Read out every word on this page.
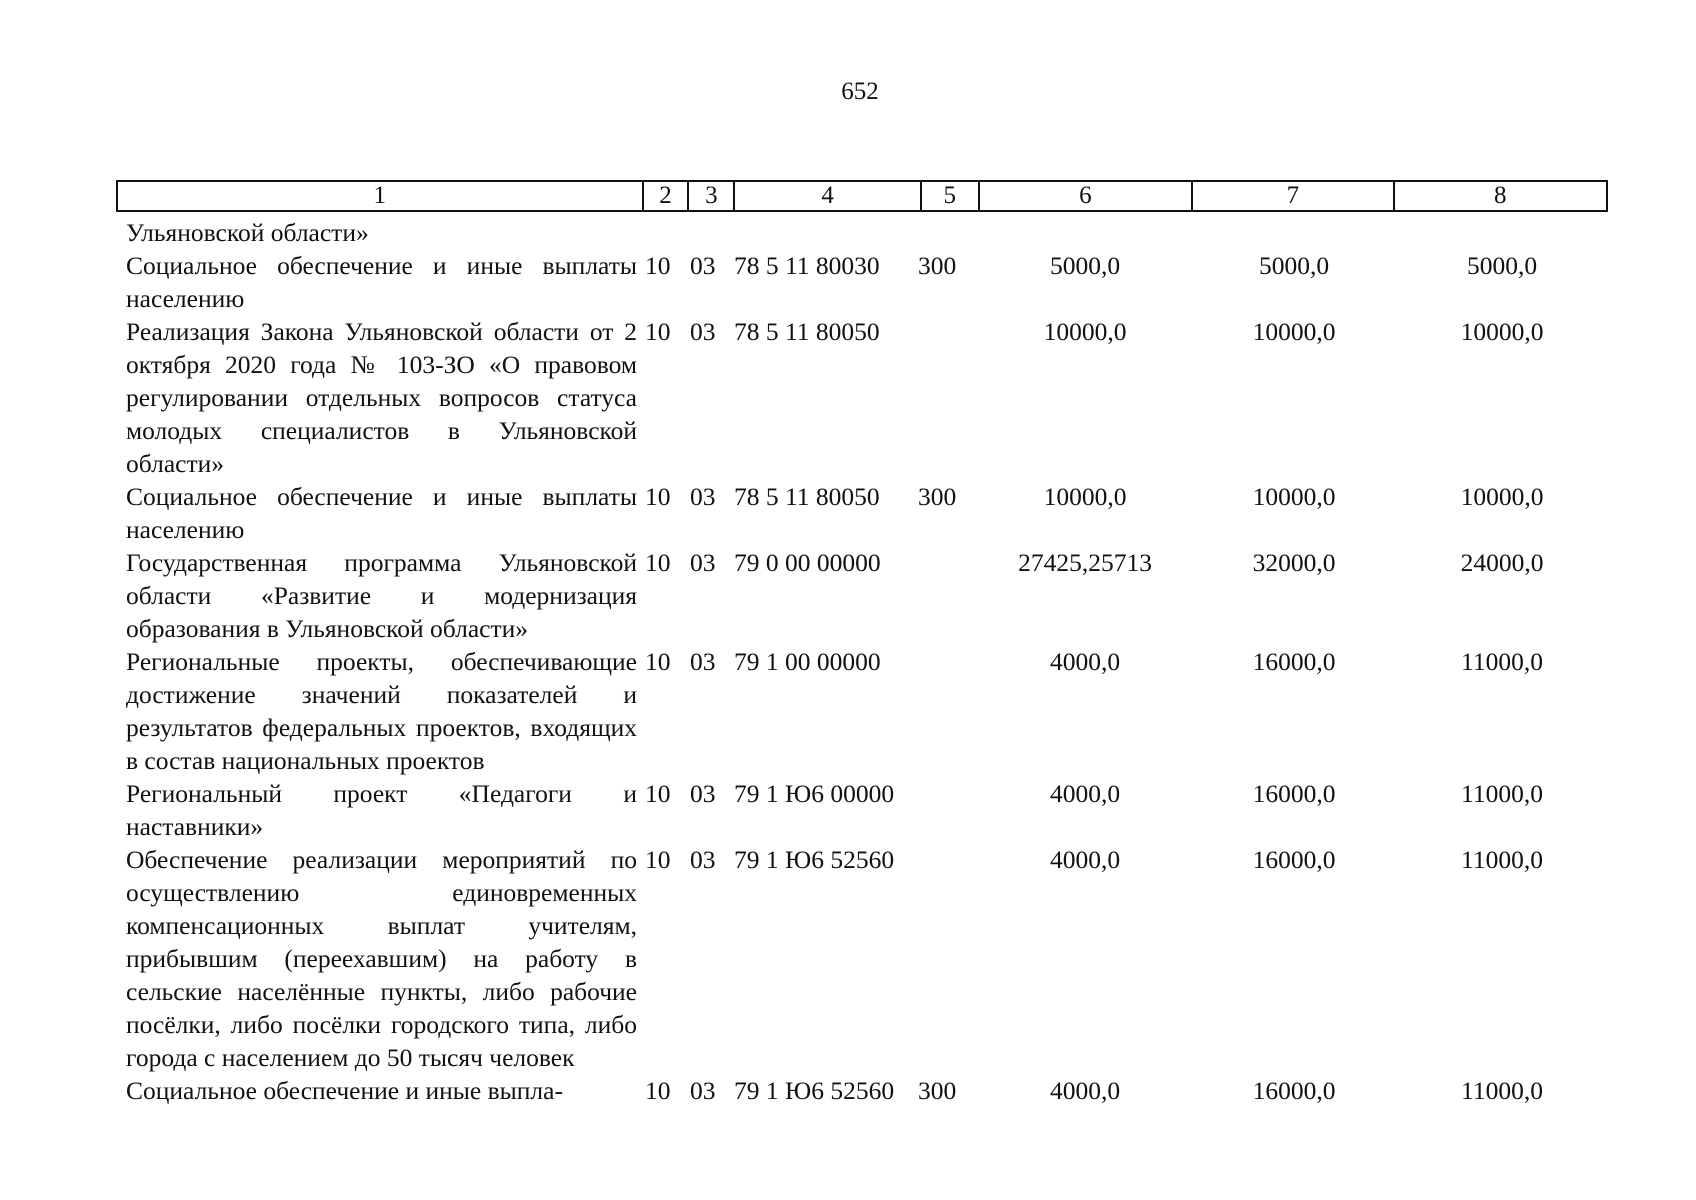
652
1	2	3	4	5	6	7	8
Ульяновской области»							
Социальное обеспечение и иные выплаты населению	10	03	78 5 11 80030	300	5000,0	5000,0	5000,0
Реализация Закона Ульяновской области от 2 октября 2020 года № 103-ЗО «О правовом регулировании отдельных вопросов статуса молодых специалистов в Ульяновской области»	10	03	78 5 11 80050		10000,0	10000,0	10000,0
Социальное обеспечение и иные выплаты населению	10	03	78 5 11 80050	300	10000,0	10000,0	10000,0
Государственная программа Ульяновской области «Развитие и модернизация образования в Ульяновской области»	10	03	79 0 00 00000		27425,25713	32000,0	24000,0
Региональные проекты, обеспечивающие достижение значений показателей и результатов федеральных проектов, входящих в состав национальных проектов	10	03	79 1 00 00000		4000,0	16000,0	11000,0
Региональный проект «Педагоги и наставники»	10	03	79 1 Ю6 00000		4000,0	16000,0	11000,0
Обеспечение реализации мероприятий по осуществлению единовременных компенсационных выплат учителям, прибывшим (переехавшим) на работу в сельские населённые пункты, либо рабочие посёлки, либо посёлки городского типа, либо города с населением до 50 тысяч человек	10	03	79 1 Ю6 52560		4000,0	16000,0	11000,0
Социальное обеспечение и иные выпла-	10	03	79 1 Ю6 52560	300	4000,0	16000,0	11000,0
